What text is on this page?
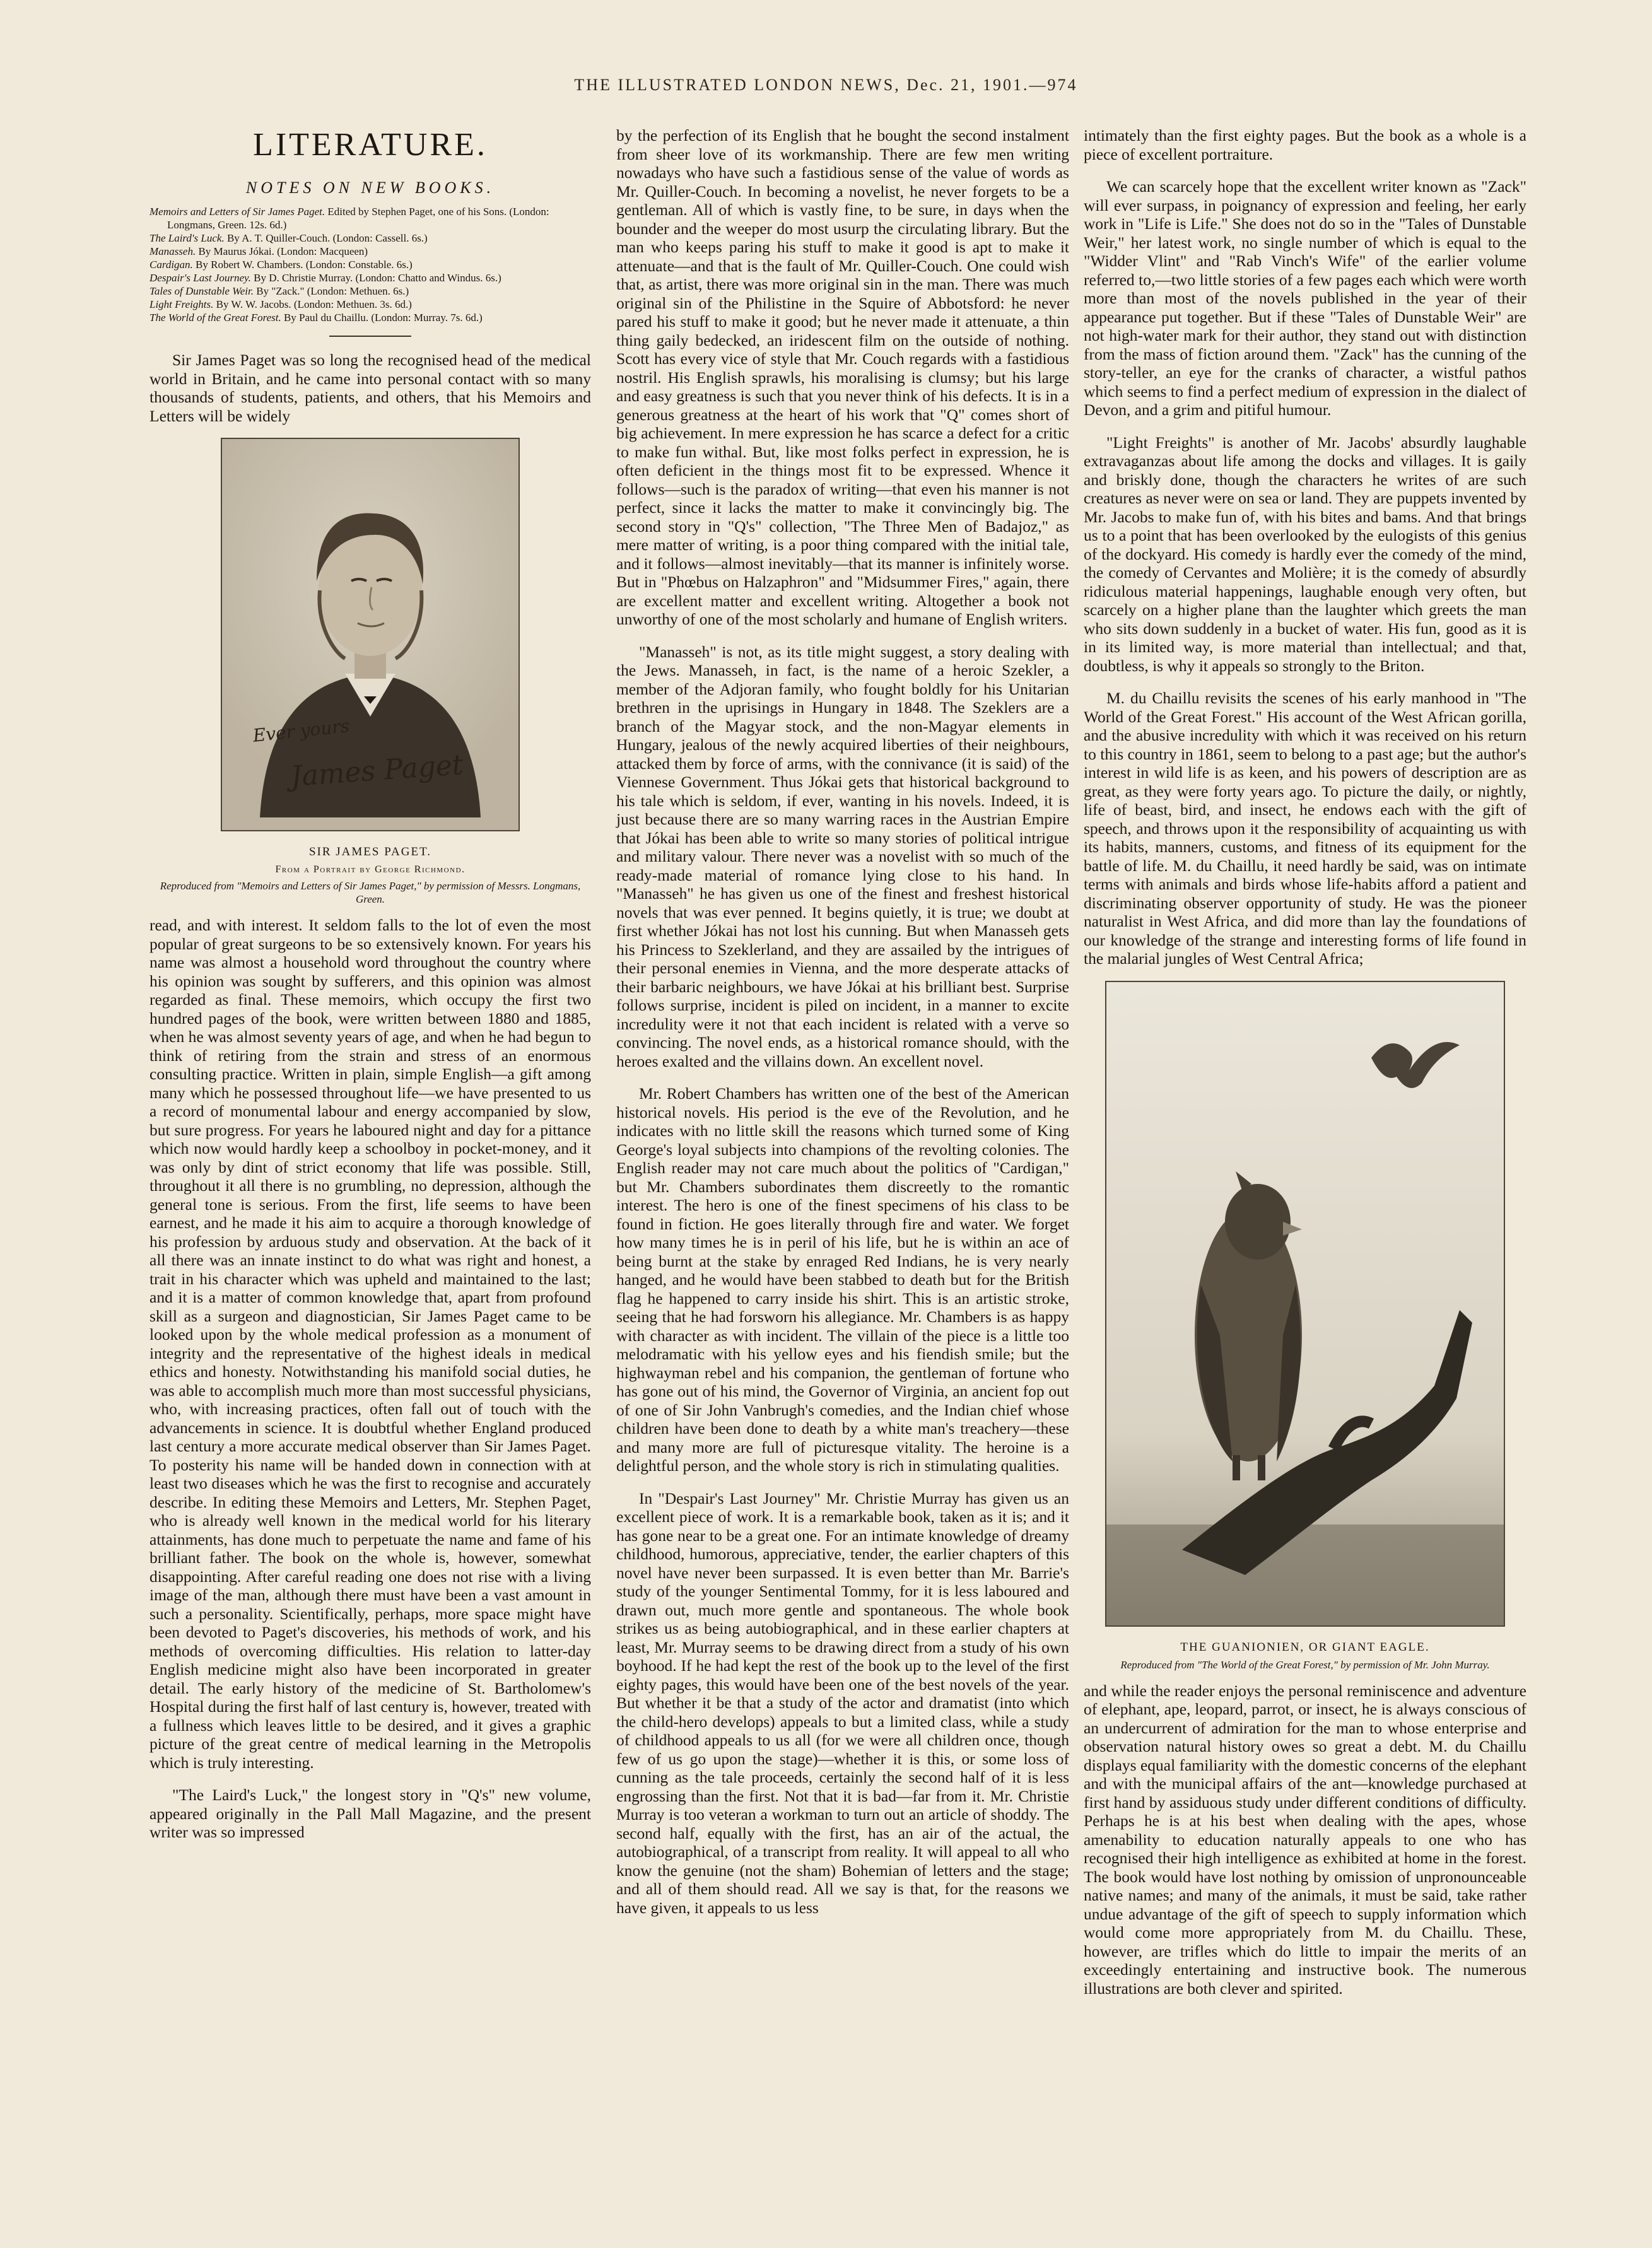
THE ILLUSTRATED LONDON NEWS, Dec. 21, 1901.—974
LITERATURE.
NOTES ON NEW BOOKS.
Memoirs and Letters of Sir James Paget. Edited by Stephen Paget, one of his Sons. (London: Longmans, Green. 12s. 6d.)
The Laird's Luck. By A. T. Quiller-Couch. (London: Cassell. 6s.)
Manasseh. By Maurus Jókai. (London: Macqueen)
Cardigan. By Robert W. Chambers. (London: Constable. 6s.)
Despair's Last Journey. By D. Christie Murray. (London: Chatto and Windus. 6s.)
Tales of Dunstable Weir. By "Zack." (London: Methuen. 6s.)
Light Freights. By W. W. Jacobs. (London: Methuen. 3s. 6d.)
The World of the Great Forest. By Paul du Chaillu. (London: Murray. 7s. 6d.)

Sir James Paget was so long the recognised head of the medical world in Britain, and he came into personal contact with so many thousands of students, patients, and others, that his Memoirs and Letters will be widely

Ever yours
James Paget
SIR JAMES PAGET.
From a Portrait by George Richmond.
Reproduced from "Memoirs and Letters of Sir James Paget," by permission of Messrs. Longmans, Green.

read, and with interest. It seldom falls to the lot of even the most popular of great surgeons to be so extensively known. For years his name was almost a household word throughout the country where his opinion was sought by sufferers, and this opinion was almost regarded as final. These memoirs, which occupy the first two hundred pages of the book, were written between 1880 and 1885, when he was almost seventy years of age, and when he had begun to think of retiring from the strain and stress of an enormous consulting practice. Written in plain, simple English—a gift among many which he possessed throughout life—we have presented to us a record of monumental labour and energy accompanied by slow, but sure progress. For years he laboured night and day for a pittance which now would hardly keep a schoolboy in pocket-money, and it was only by dint of strict economy that life was possible. Still, throughout it all there is no grumbling, no depression, although the general tone is serious. From the first, life seems to have been earnest, and he made it his aim to acquire a thorough knowledge of his profession by arduous study and observation. At the back of it all there was an innate instinct to do what was right and honest, a trait in his character which was upheld and maintained to the last; and it is a matter of common knowledge that, apart from profound skill as a surgeon and diagnostician, Sir James Paget came to be looked upon by the whole medical profession as a monument of integrity and the representative of the highest ideals in medical ethics and honesty. Notwithstanding his manifold social duties, he was able to accomplish much more than most successful physicians, who, with increasing practices, often fall out of touch with the advancements in science. It is doubtful whether England produced last century a more accurate medical observer than Sir James Paget. To posterity his name will be handed down in connection with at least two diseases which he was the first to recognise and accurately describe. In editing these Memoirs and Letters, Mr. Stephen Paget, who is already well known in the medical world for his literary attainments, has done much to perpetuate the name and fame of his brilliant father. The book on the whole is, however, somewhat disappointing. After careful reading one does not rise with a living image of the man, although there must have been a vast amount in such a personality. Scientifically, perhaps, more space might have been devoted to Paget's discoveries, his methods of work, and his methods of overcoming difficulties. His relation to latter-day English medicine might also have been incorporated in greater detail. The early history of the medicine of St. Bartholomew's Hospital during the first half of last century is, however, treated with a fullness which leaves little to be desired, and it gives a graphic picture of the great centre of medical learning in the Metropolis which is truly interesting.

"The Laird's Luck," the longest story in "Q's" new volume, appeared originally in the Pall Mall Magazine, and the present writer was so impressed

by the perfection of its English that he bought the second instalment from sheer love of its workmanship. There are few men writing nowadays who have such a fastidious sense of the value of words as Mr. Quiller-Couch. In becoming a novelist, he never forgets to be a gentleman. All of which is vastly fine, to be sure, in days when the bounder and the weeper do most usurp the circulating library. But the man who keeps paring his stuff to make it good is apt to make it attenuate—and that is the fault of Mr. Quiller-Couch. One could wish that, as artist, there was more original sin in the man. There was much original sin of the Philistine in the Squire of Abbotsford: he never pared his stuff to make it good; but he never made it attenuate, a thin thing gaily bedecked, an iridescent film on the outside of nothing. Scott has every vice of style that Mr. Couch regards with a fastidious nostril. His English sprawls, his moralising is clumsy; but his large and easy greatness is such that you never think of his defects. It is in a generous greatness at the heart of his work that "Q" comes short of big achievement. In mere expression he has scarce a defect for a critic to make fun withal. But, like most folks perfect in expression, he is often deficient in the things most fit to be expressed. Whence it follows—such is the paradox of writing—that even his manner is not perfect, since it lacks the matter to make it convincingly big. The second story in "Q's" collection, "The Three Men of Badajoz," as mere matter of writing, is a poor thing compared with the initial tale, and it follows—almost inevitably—that its manner is infinitely worse. But in "Phœbus on Halzaphron" and "Midsummer Fires," again, there are excellent matter and excellent writing. Altogether a book not unworthy of one of the most scholarly and humane of English writers.

"Manasseh" is not, as its title might suggest, a story dealing with the Jews. Manasseh, in fact, is the name of a heroic Szekler, a member of the Adjoran family, who fought boldly for his Unitarian brethren in the uprisings in Hungary in 1848. The Szeklers are a branch of the Magyar stock, and the non-Magyar elements in Hungary, jealous of the newly acquired liberties of their neighbours, attacked them by force of arms, with the connivance (it is said) of the Viennese Government. Thus Jókai gets that historical background to his tale which is seldom, if ever, wanting in his novels. Indeed, it is just because there are so many warring races in the Austrian Empire that Jókai has been able to write so many stories of political intrigue and military valour. There never was a novelist with so much of the ready-made material of romance lying close to his hand. In "Manasseh" he has given us one of the finest and freshest historical novels that was ever penned. It begins quietly, it is true; we doubt at first whether Jókai has not lost his cunning. But when Manasseh gets his Princess to Szeklerland, and they are assailed by the intrigues of their personal enemies in Vienna, and the more desperate attacks of their barbaric neighbours, we have Jókai at his brilliant best. Surprise follows surprise, incident is piled on incident, in a manner to excite incredulity were it not that each incident is related with a verve so convincing. The novel ends, as a historical romance should, with the heroes exalted and the villains down. An excellent novel.

Mr. Robert Chambers has written one of the best of the American historical novels. His period is the eve of the Revolution, and he indicates with no little skill the reasons which turned some of King George's loyal subjects into champions of the revolting colonies. The English reader may not care much about the politics of "Cardigan," but Mr. Chambers subordinates them discreetly to the romantic interest. The hero is one of the finest specimens of his class to be found in fiction. He goes literally through fire and water. We forget how many times he is in peril of his life, but he is within an ace of being burnt at the stake by enraged Red Indians, he is very nearly hanged, and he would have been stabbed to death but for the British flag he happened to carry inside his shirt. This is an artistic stroke, seeing that he had forsworn his allegiance. Mr. Chambers is as happy with character as with incident. The villain of the piece is a little too melodramatic with his yellow eyes and his fiendish smile; but the highwayman rebel and his companion, the gentleman of fortune who has gone out of his mind, the Governor of Virginia, an ancient fop out of one of Sir John Vanbrugh's comedies, and the Indian chief whose children have been done to death by a white man's treachery—these and many more are full of picturesque vitality. The heroine is a delightful person, and the whole story is rich in stimulating qualities.

In "Despair's Last Journey" Mr. Christie Murray has given us an excellent piece of work. It is a remarkable book, taken as it is; and it has gone near to be a great one. For an intimate knowledge of dreamy childhood, humorous, appreciative, tender, the earlier chapters of this novel have never been surpassed. It is even better than Mr. Barrie's study of the younger Sentimental Tommy, for it is less laboured and drawn out, much more gentle and spontaneous. The whole book strikes us as being autobiographical, and in these earlier chapters at least, Mr. Murray seems to be drawing direct from a study of his own boyhood. If he had kept the rest of the book up to the level of the first eighty pages, this would have been one of the best novels of the year. But whether it be that a study of the actor and dramatist (into which the child-hero develops) appeals to but a limited class, while a study of childhood appeals to us all (for we were all children once, though few of us go upon the stage)—whether it is this, or some loss of cunning as the tale proceeds, certainly the second half of it is less engrossing than the first. Not that it is bad—far from it. Mr. Christie Murray is too veteran a workman to turn out an article of shoddy. The second half, equally with the first, has an air of the actual, the autobiographical, of a transcript from reality. It will appeal to all who know the genuine (not the sham) Bohemian of letters and the stage; and all of them should read. All we say is that, for the reasons we have given, it appeals to us less

intimately than the first eighty pages. But the book as a whole is a piece of excellent portraiture.

We can scarcely hope that the excellent writer known as "Zack" will ever surpass, in poignancy of expression and feeling, her early work in "Life is Life." She does not do so in the "Tales of Dunstable Weir," her latest work, no single number of which is equal to the "Widder Vlint" and "Rab Vinch's Wife" of the earlier volume referred to,—two little stories of a few pages each which were worth more than most of the novels published in the year of their appearance put together. But if these "Tales of Dunstable Weir" are not high-water mark for their author, they stand out with distinction from the mass of fiction around them. "Zack" has the cunning of the story-teller, an eye for the cranks of character, a wistful pathos which seems to find a perfect medium of expression in the dialect of Devon, and a grim and pitiful humour.

"Light Freights" is another of Mr. Jacobs' absurdly laughable extravaganzas about life among the docks and villages. It is gaily and briskly done, though the characters he writes of are such creatures as never were on sea or land. They are puppets invented by Mr. Jacobs to make fun of, with his bites and bams. And that brings us to a point that has been overlooked by the eulogists of this genius of the dockyard. His comedy is hardly ever the comedy of the mind, the comedy of Cervantes and Molière; it is the comedy of absurdly ridiculous material happenings, laughable enough very often, but scarcely on a higher plane than the laughter which greets the man who sits down suddenly in a bucket of water. His fun, good as it is in its limited way, is more material than intellectual; and that, doubtless, is why it appeals so strongly to the Briton.

M. du Chaillu revisits the scenes of his early manhood in "The World of the Great Forest." His account of the West African gorilla, and the abusive incredulity with which it was received on his return to this country in 1861, seem to belong to a past age; but the author's interest in wild life is as keen, and his powers of description are as great, as they were forty years ago. To picture the daily, or nightly, life of beast, bird, and insect, he endows each with the gift of speech, and throws upon it the responsibility of acquainting us with its habits, manners, customs, and fitness of its equipment for the battle of life. M. du Chaillu, it need hardly be said, was on intimate terms with animals and birds whose life-habits afford a patient and discriminating observer opportunity of study. He was the pioneer naturalist in West Africa, and did more than lay the foundations of our knowledge of the strange and interesting forms of life found in the malarial jungles of West Central Africa;

THE GUANIONIEN, OR GIANT EAGLE.
Reproduced from "The World of the Great Forest," by permission of Mr. John Murray.

and while the reader enjoys the personal reminiscence and adventure of elephant, ape, leopard, parrot, or insect, he is always conscious of an undercurrent of admiration for the man to whose enterprise and observation natural history owes so great a debt. M. du Chaillu displays equal familiarity with the domestic concerns of the elephant and with the municipal affairs of the ant—knowledge purchased at first hand by assiduous study under different conditions of difficulty. Perhaps he is at his best when dealing with the apes, whose amenability to education naturally appeals to one who has recognised their high intelligence as exhibited at home in the forest. The book would have lost nothing by omission of unpronounceable native names; and many of the animals, it must be said, take rather undue advantage of the gift of speech to supply information which would come more appropriately from M. du Chaillu. These, however, are trifles which do little to impair the merits of an exceedingly entertaining and instructive book. The numerous illustrations are both clever and spirited.
